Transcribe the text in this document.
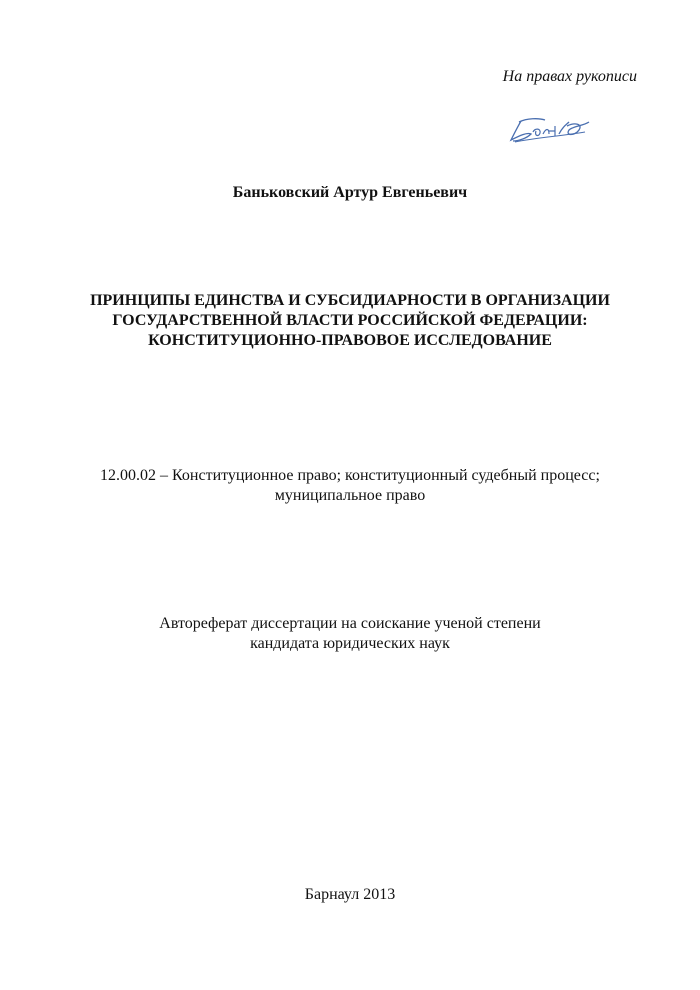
На правах рукописи
Баньковский Артур Евгеньевич
ПРИНЦИПЫ ЕДИНСТВА И СУБСИДИАРНОСТИ В ОРГАНИЗАЦИИ
ГОСУДАРСТВЕННОЙ ВЛАСТИ РОССИЙСКОЙ ФЕДЕРАЦИИ:
КОНСТИТУЦИОННО-ПРАВОВОЕ ИССЛЕДОВАНИЕ
12.00.02 – Конституционное право; конституционный судебный процесс;
муниципальное право
Автореферат диссертации на соискание ученой степени
кандидата юридических наук
Барнаул 2013
